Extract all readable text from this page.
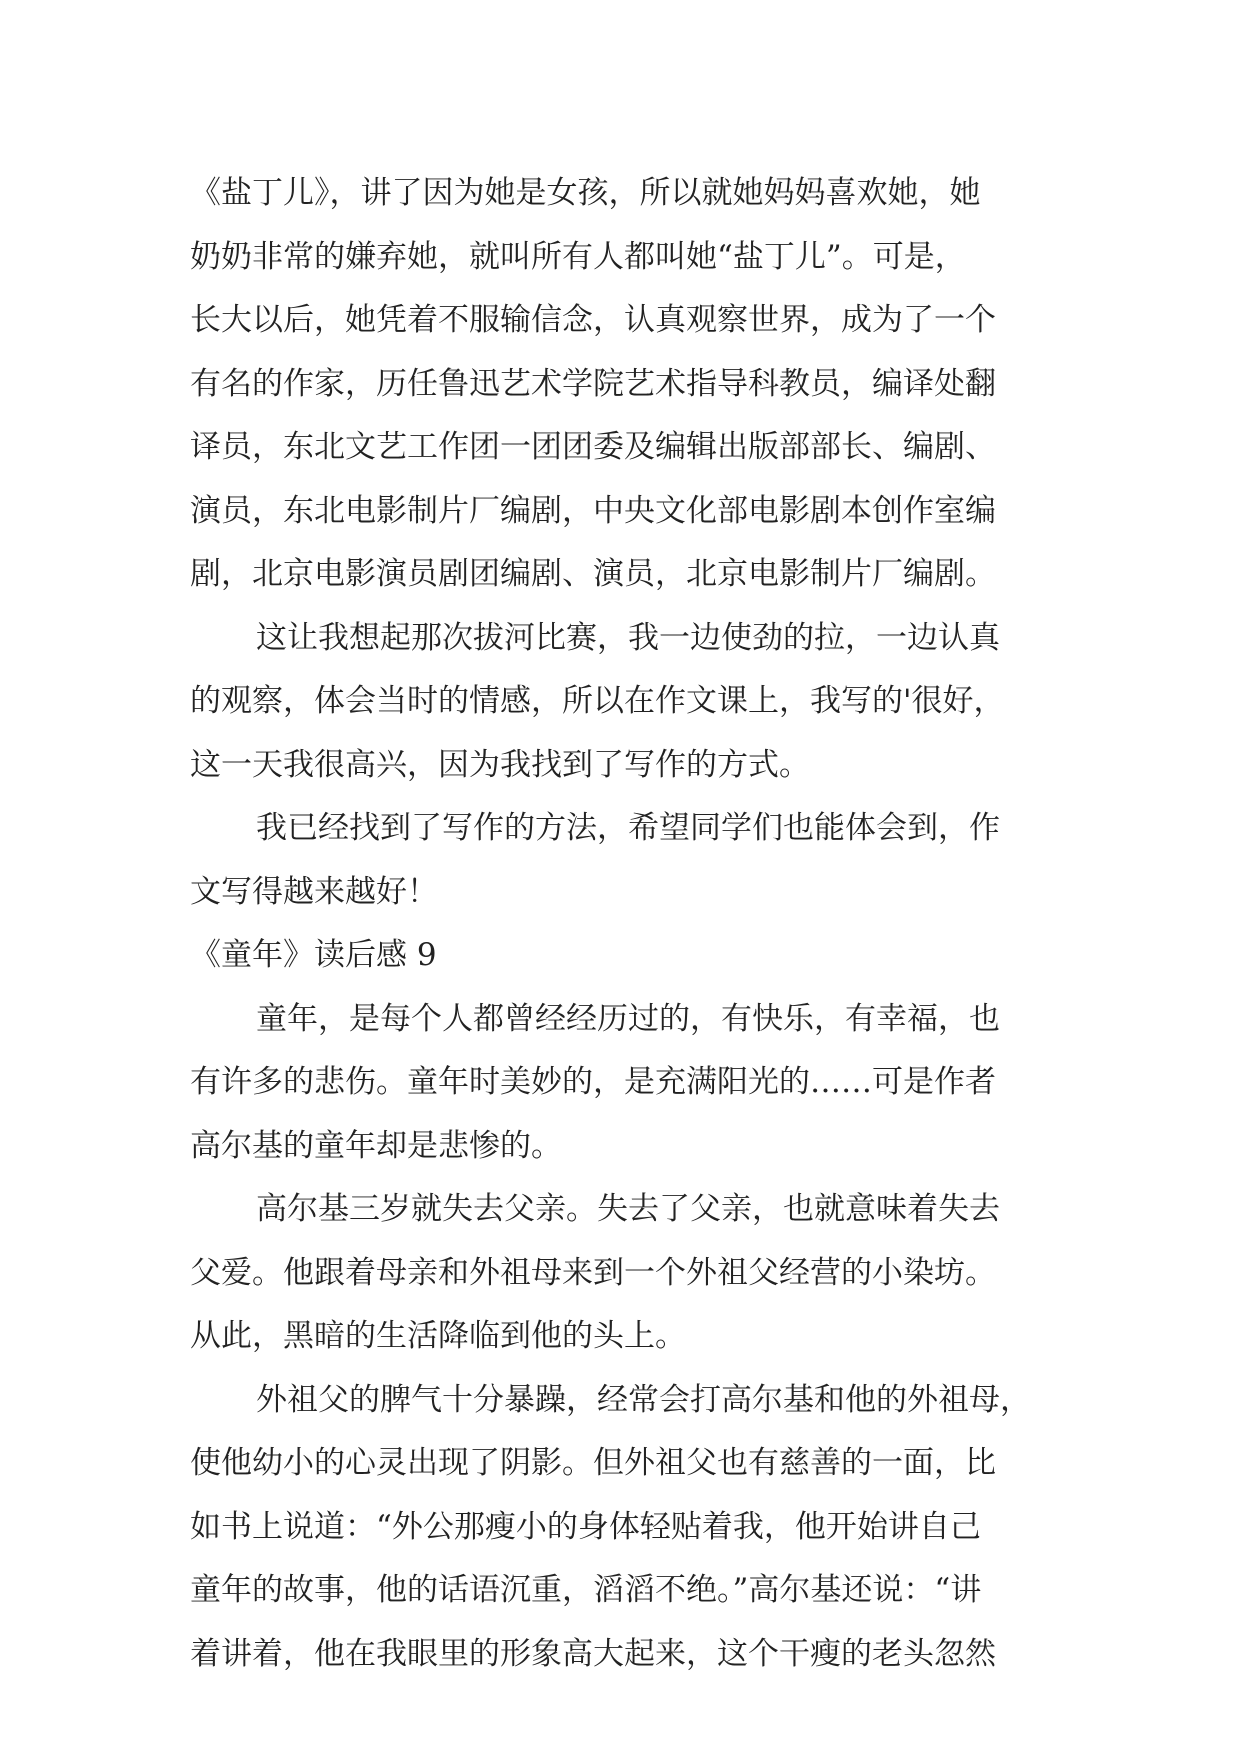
《盐丁儿》，讲了因为她是女孩，所以就她妈妈喜欢她，她
奶奶非常的嫌弃她，就叫所有人都叫她“盐丁儿”。可是，
长大以后，她凭着不服输信念，认真观察世界，成为了一个
有名的作家，历任鲁迅艺术学院艺术指导科教员，编译处翻
译员，东北文艺工作团一团团委及编辑出版部部长、编剧、
演员，东北电影制片厂编剧，中央文化部电影剧本创作室编
剧，北京电影演员剧团编剧、演员，北京电影制片厂编剧。
这让我想起那次拔河比赛，我一边使劲的拉，一边认真
的观察，体会当时的情感，所以在作文课上，我写的'很好，
这一天我很高兴，因为我找到了写作的方式。
我已经找到了写作的方法，希望同学们也能体会到，作
文写得越来越好！
《童年》读后感 9
童年，是每个人都曾经经历过的，有快乐，有幸福，也
有许多的悲伤。童年时美妙的，是充满阳光的……可是作者
高尔基的童年却是悲惨的。
高尔基三岁就失去父亲。失去了父亲，也就意味着失去
父爱。他跟着母亲和外祖母来到一个外祖父经营的小染坊。
从此，黑暗的生活降临到他的头上。
外祖父的脾气十分暴躁，经常会打高尔基和他的外祖母，
使他幼小的心灵出现了阴影。但外祖父也有慈善的一面，比
如书上说道：“外公那瘦小的身体轻贴着我，他开始讲自己
童年的故事，他的话语沉重，滔滔不绝。”高尔基还说：“讲
着讲着，他在我眼里的形象高大起来，这个干瘦的老头忽然
